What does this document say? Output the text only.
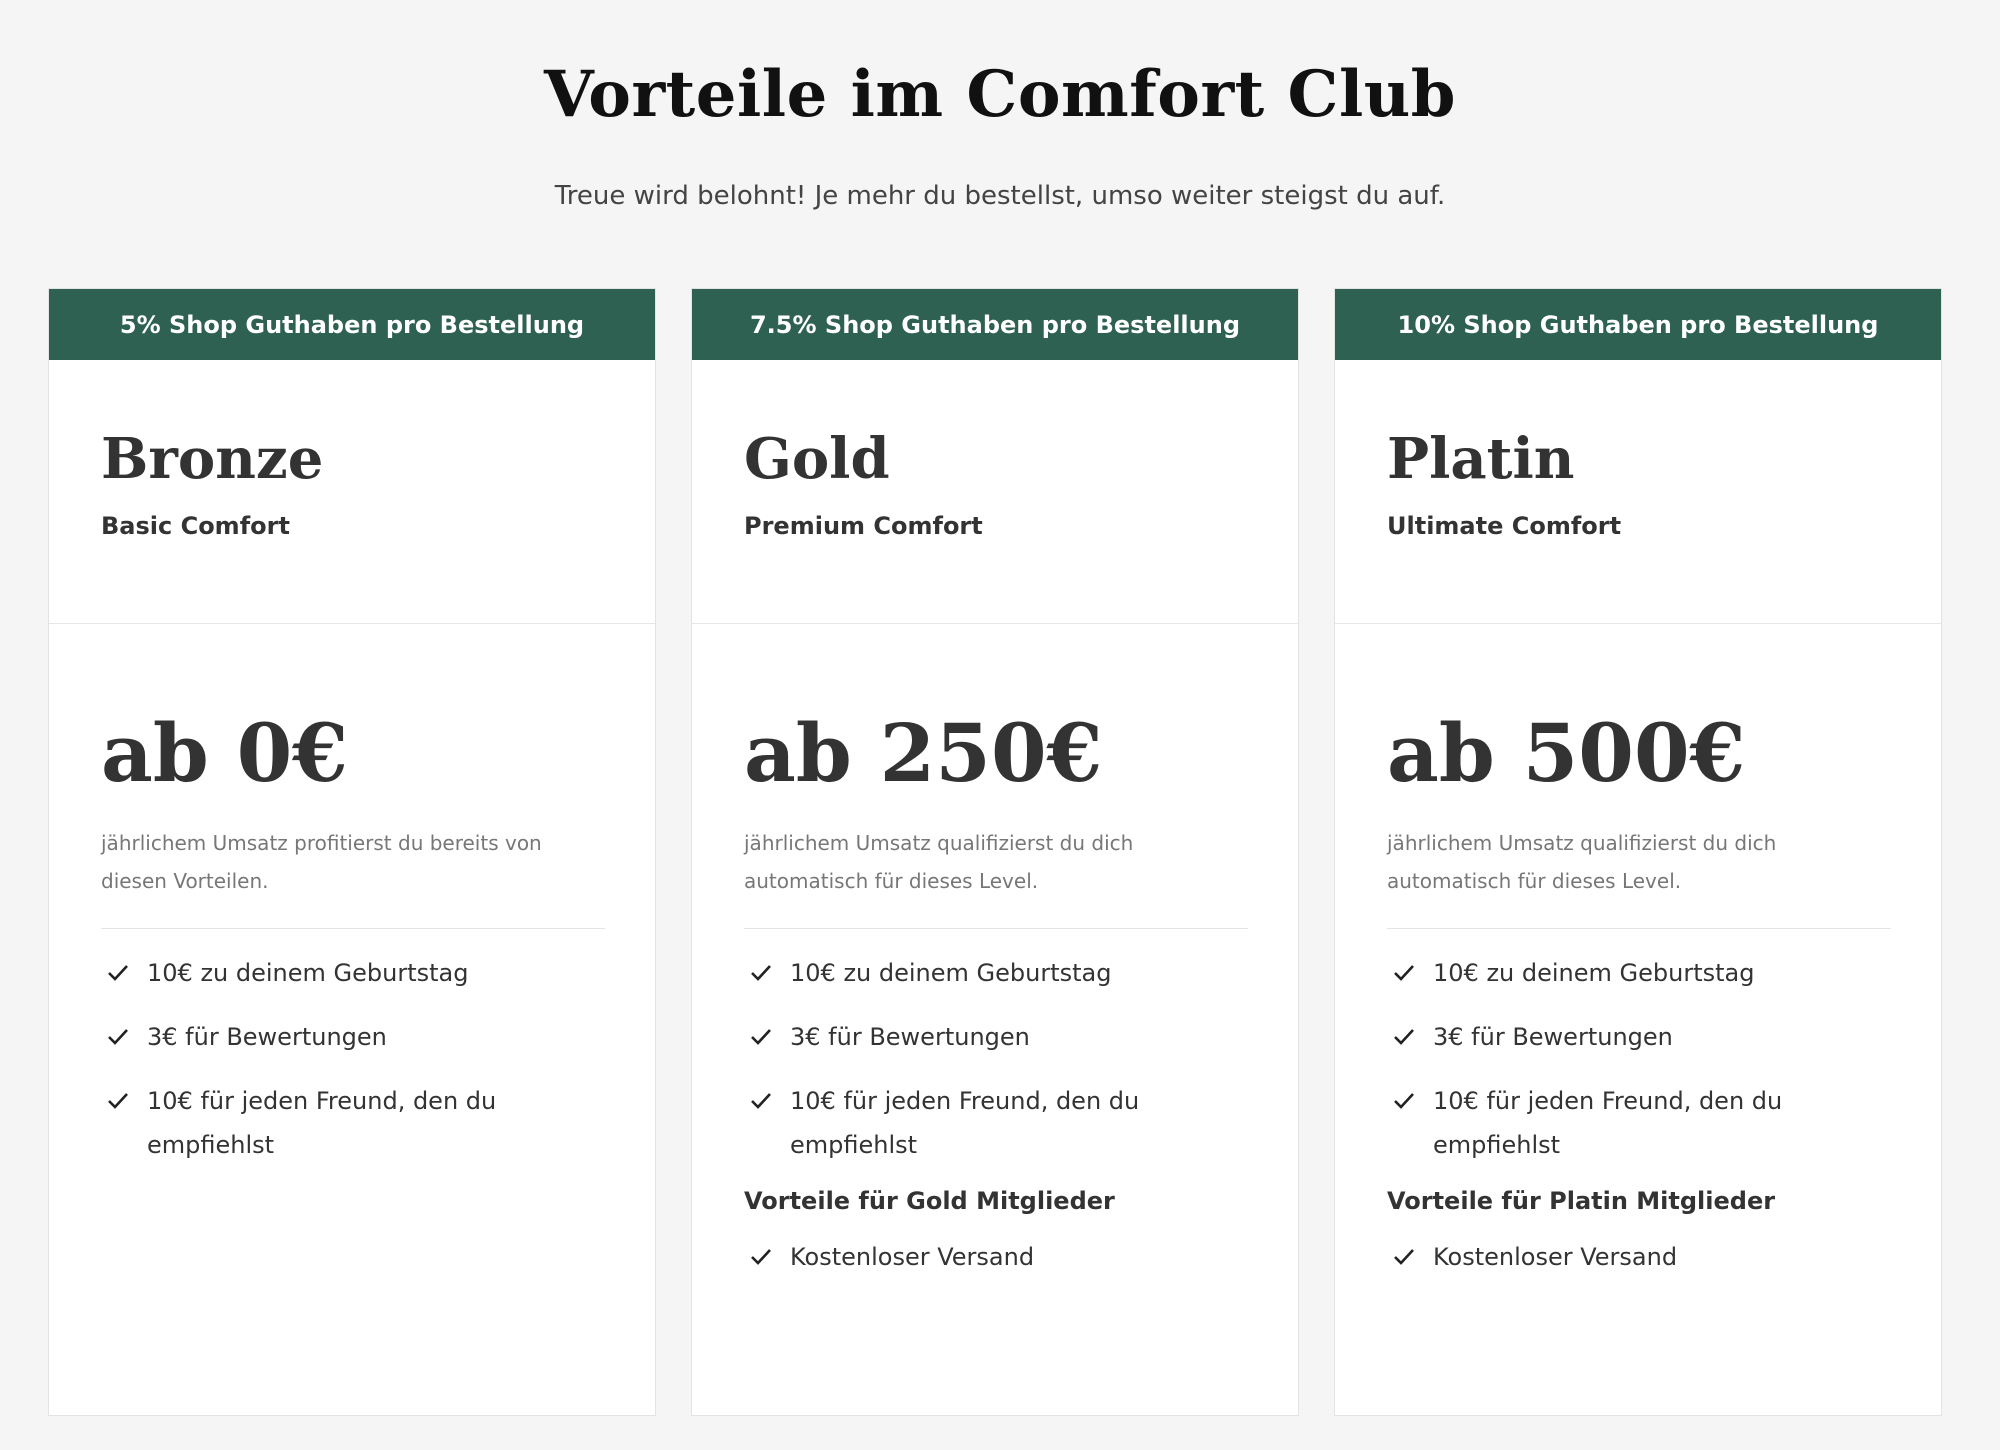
Vorteile im Comfort Club

Treue wird belohnt! Je mehr du bestellst, umso weiter steigst du auf.

5% Shop Guthaben pro Bestellung
Bronze

Basic Comfort

ab 0€

jährlichem Umsatz profitierst du bereits von diesen Vorteilen.

10€ zu deinem Geburtstag
3€ für Bewertungen
10€ für jeden Freund, den du empfiehlst
7.5% Shop Guthaben pro Bestellung
Gold

Premium Comfort

ab 250€

jährlichem Umsatz qualifizierst du dich automatisch für dieses Level.

10€ zu deinem Geburtstag
3€ für Bewertungen
10€ für jeden Freund, den du empfiehlst

Vorteile für Gold Mitglieder

Kostenloser Versand
10% Shop Guthaben pro Bestellung
Platin

Ultimate Comfort

ab 500€

jährlichem Umsatz qualifizierst du dich automatisch für dieses Level.

10€ zu deinem Geburtstag
3€ für Bewertungen
10€ für jeden Freund, den du empfiehlst

Vorteile für Platin Mitglieder

Kostenloser Versand
